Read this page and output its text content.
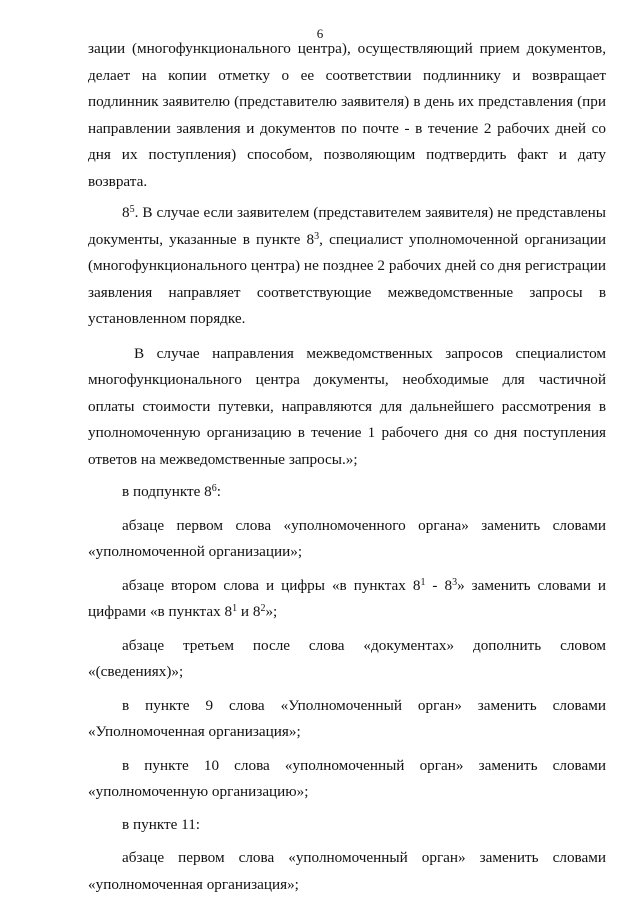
6

зации (многофункционального центра), осуществляющий прием документов, делает на копии отметку о ее соответствии подлиннику и возвращает подлинник заявителю (представителю заявителя) в день их представления (при направлении заявления и документов по почте - в течение 2 рабочих дней со дня их поступления) способом, позволяющим подтвердить факт и дату возврата.

$8^5$. В случае если заявителем (представителем заявителя) не представлены документы, указанные в пункте $8^3$, специалист уполномоченной организации (многофункционального центра) не позднее 2 рабочих дней со дня регистрации заявления направляет соответствующие межведомственные запросы в установленном порядке.

В случае направления межведомственных запросов специалистом многофункционального центра документы, необходимые для частичной оплаты стоимости путевки, направляются для дальнейшего рассмотрения в уполномоченную организацию в течение 1 рабочего дня со дня поступления ответов на межведомственные запросы.»;

в подпункте $8^6$:

абзаце первом слова «уполномоченного органа» заменить словами «уполномоченной организации»;

абзаце втором слова и цифры «в пунктах $8^1 - 8^3$» заменить словами и цифрами «в пунктах $8^1$ и $8^2$»;

абзаце третьем после слова «документах» дополнить словом «(сведениях)»;

в пункте 9 слова «Уполномоченный орган» заменить словами «Уполномоченная организация»;

в пункте 10 слова «уполномоченный орган» заменить словами «уполномоченную организацию»;

в пункте 11:

абзаце первом слова «уполномоченный орган» заменить словами «уполномоченная организация»;
